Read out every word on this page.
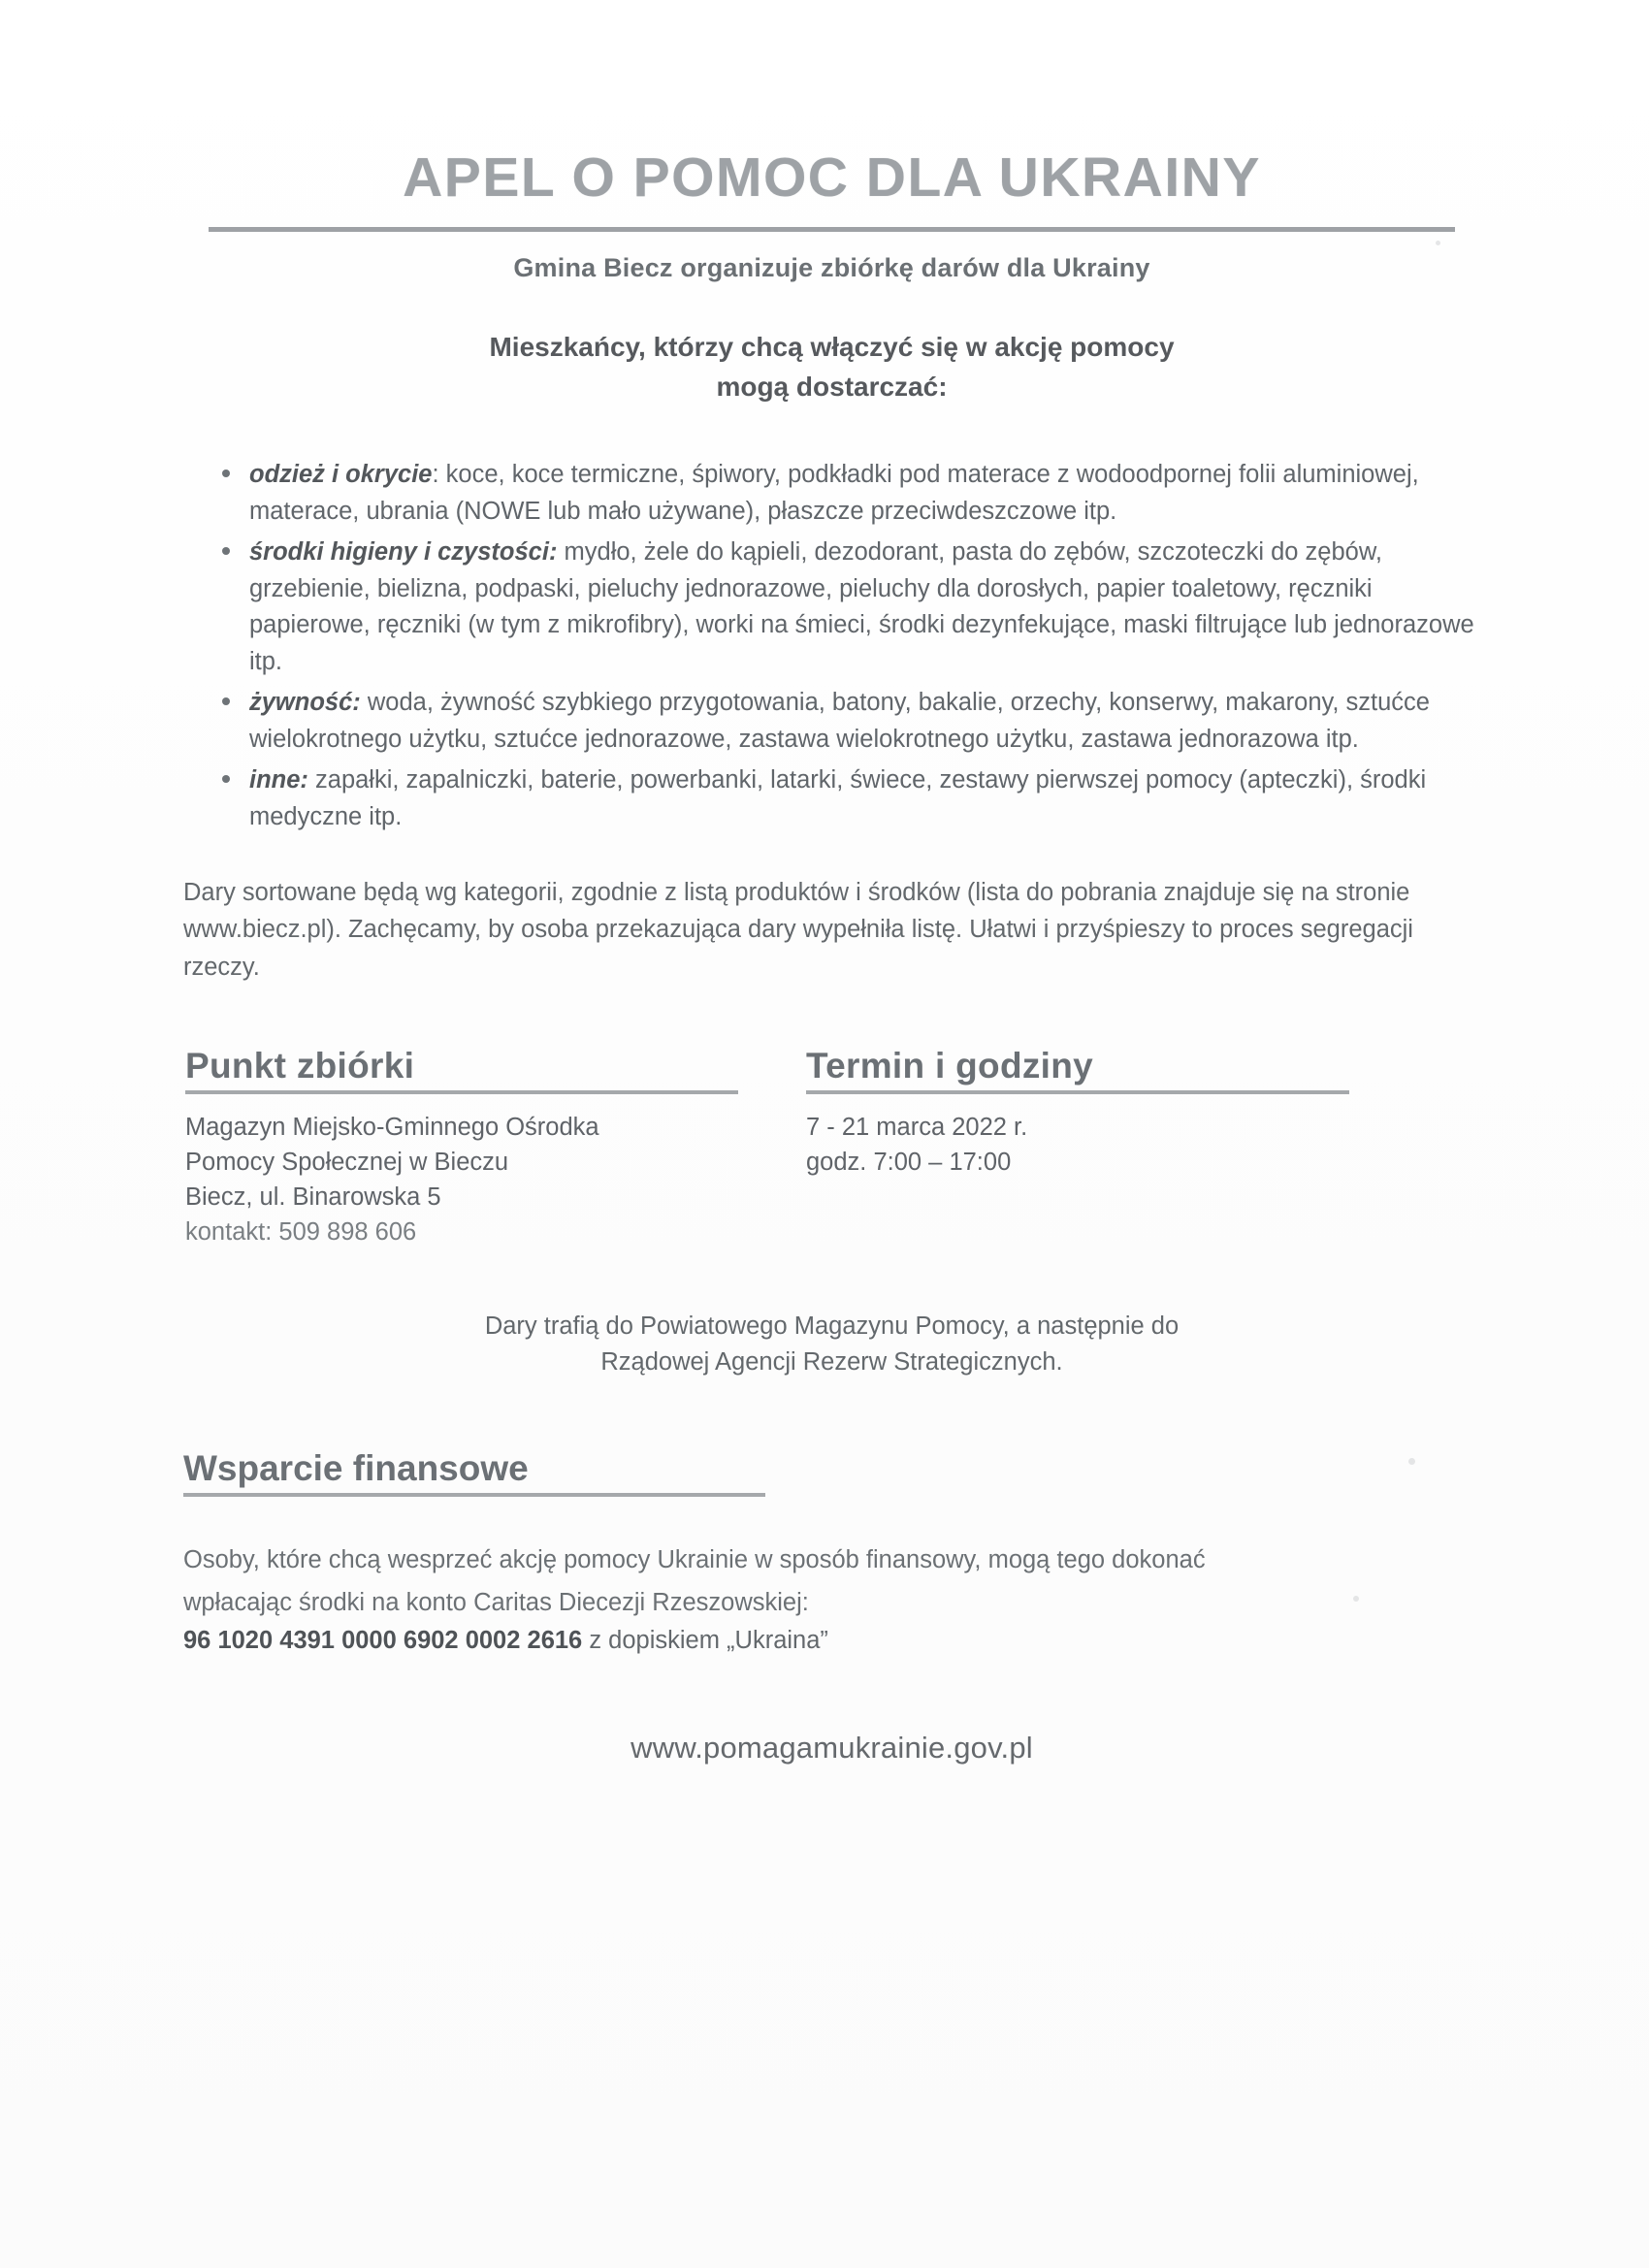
APEL O POMOC DLA UKRAINY
Gmina Biecz organizuje zbiórkę darów dla Ukrainy
Mieszkańcy, którzy chcą włączyć się w akcję pomocy
mogą dostarczać:
odzież i okrycie: koce, koce termiczne, śpiwory, podkładki pod materace z wodoodpornej folii aluminiowej, materace, ubrania (NOWE lub mało używane), płaszcze przeciwdeszczowe itp.
środki higieny i czystości: mydło, żele do kąpieli, dezodorant, pasta do zębów, szczoteczki do zębów, grzebienie, bielizna, podpaski, pieluchy jednorazowe, pieluchy dla dorosłych, papier toaletowy, ręczniki papierowe, ręczniki (w tym z mikrofibry), worki na śmieci, środki dezynfekujące, maski filtrujące lub jednorazowe itp.
żywność: woda, żywność szybkiego przygotowania, batony, bakalie, orzechy, konserwy, makarony, sztućce wielokrotnego użytku, sztućce jednorazowe, zastawa wielokrotnego użytku, zastawa jednorazowa itp.
inne: zapałki, zapalniczki, baterie, powerbanki, latarki, świece, zestawy pierwszej pomocy (apteczki), środki medyczne itp.

Dary sortowane będą wg kategorii, zgodnie z listą produktów i środków (lista do pobrania znajduje się na stronie www.biecz.pl). Zachęcamy, by osoba przekazująca dary wypełniła listę. Ułatwi i przyśpieszy to proces segregacji rzeczy.

Punkt zbiórki
Magazyn Miejsko-Gminnego Ośrodka
Pomocy Społecznej w Bieczu
Biecz, ul. Binarowska 5
kontakt: 509 898 606
Termin i godziny
7 - 21 marca 2022 r.
godz. 7:00 – 17:00
Dary trafią do Powiatowego Magazynu Pomocy, a następnie do
Rządowej Agencji Rezerw Strategicznych.
Wsparcie finansowe
Osoby, które chcą wesprzeć akcję pomocy Ukrainie w sposób finansowy, mogą tego dokonać
wpłacając środki na konto Caritas Diecezji Rzeszowskiej:
96 1020 4391 0000 6902 0002 2616 z dopiskiem „Ukraina”
www.pomagamukrainie.gov.pl
